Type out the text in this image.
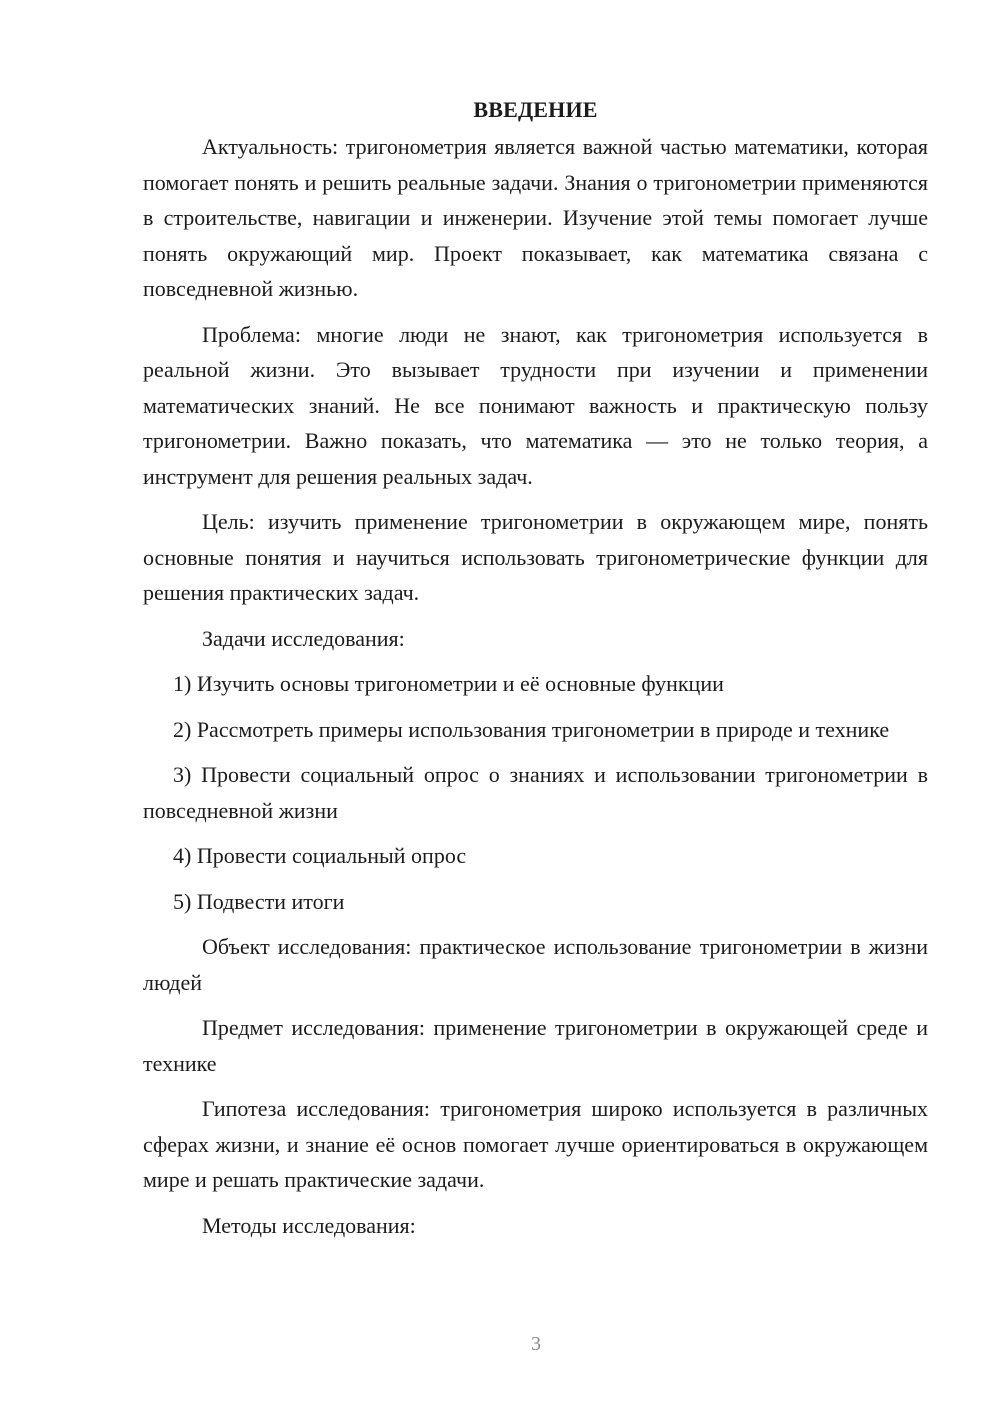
ВВЕДЕНИЕ

Актуальность: тригонометрия является важной частью математики, которая помогает понять и решить реальные задачи. Знания о тригонометрии применяются в строительстве, навигации и инженерии. Изучение этой темы помогает лучше понять окружающий мир. Проект показывает, как математика связана с повседневной жизнью.

Проблема: многие люди не знают, как тригонометрия используется в реальной жизни. Это вызывает трудности при изучении и применении математических знаний. Не все понимают важность и практическую пользу тригонометрии. Важно показать, что математика — это не только теория, а инструмент для решения реальных задач.

Цель: изучить применение тригонометрии в окружающем мире, понять основные понятия и научиться использовать тригонометрические функции для решения практических задач.

Задачи исследования:

1) Изучить основы тригонометрии и её основные функции

2) Рассмотреть примеры использования тригонометрии в природе и технике

3) Провести социальный опрос о знаниях и использовании тригонометрии в повседневной жизни

4) Провести социальный опрос

5) Подвести итоги

Объект исследования: практическое использование тригонометрии в жизни людей

Предмет исследования: применение тригонометрии в окружающей среде и технике

Гипотеза исследования: тригонометрия широко используется в различных сферах жизни, и знание её основ помогает лучше ориентироваться в окружающем мире и решать практические задачи.

Методы исследования:

3
